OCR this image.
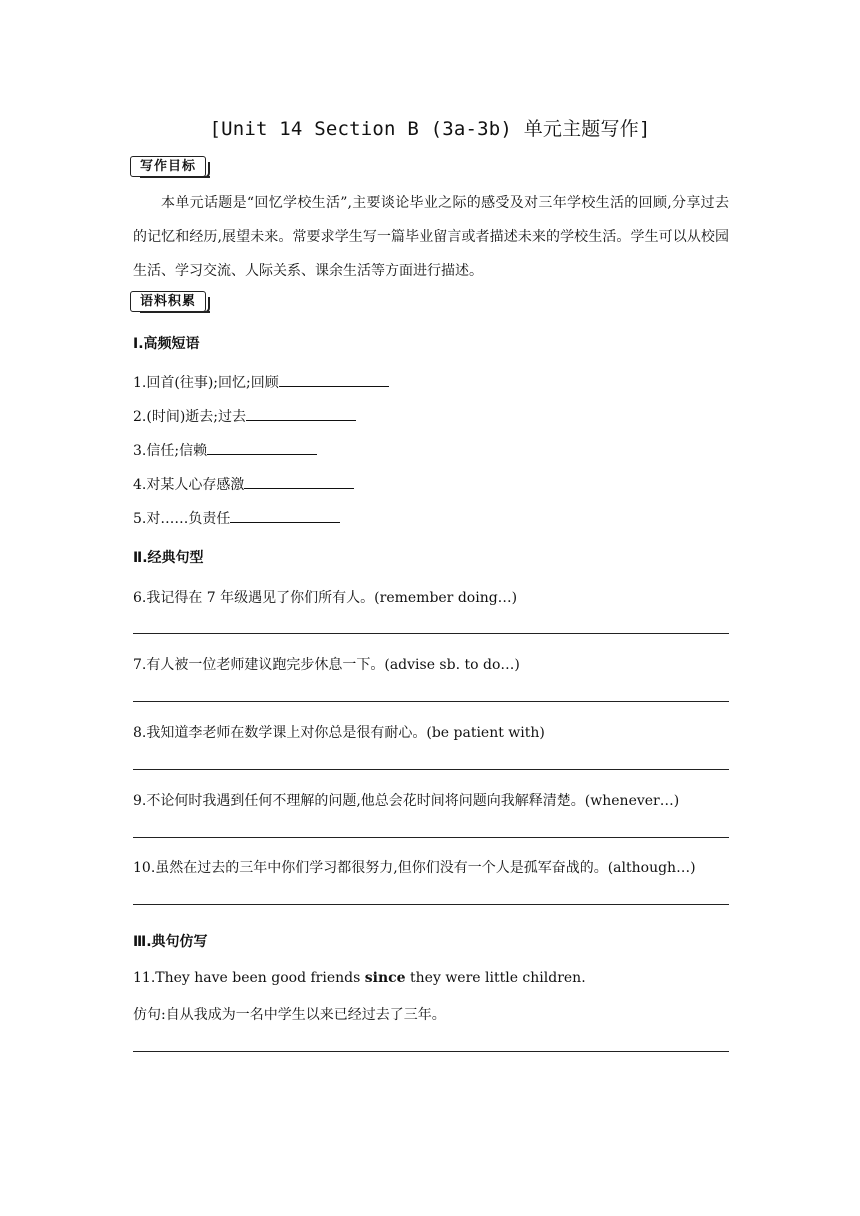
[Unit 14 Section B (3a-3b) 单元主题写作]
写作目标
本单元话题是“回忆学校生活”,主要谈论毕业之际的感受及对三年学校生活的回顾,分享过去的记忆和经历,展望未来。常要求学生写一篇毕业留言或者描述未来的学校生活。学生可以从校园生活、学习交流、人际关系、课余生活等方面进行描述。
语料积累
Ⅰ.高频短语
1.回首(往事);回忆;回顾
2.(时间)逝去;过去
3.信任;信赖
4.对某人心存感激
5.对……负责任
Ⅱ.经典句型
6.我记得在 7 年级遇见了你们所有人。(remember doing…)
7.有人被一位老师建议跑完步休息一下。(advise sb. to do…)
8.我知道李老师在数学课上对你总是很有耐心。(be patient with)
9.不论何时我遇到任何不理解的问题,他总会花时间将问题向我解释清楚。(whenever…)
10.虽然在过去的三年中你们学习都很努力,但你们没有一个人是孤军奋战的。(although…)
Ⅲ.典句仿写
11.They have been good friends since they were little children.
仿句:自从我成为一名中学生以来已经过去了三年。
